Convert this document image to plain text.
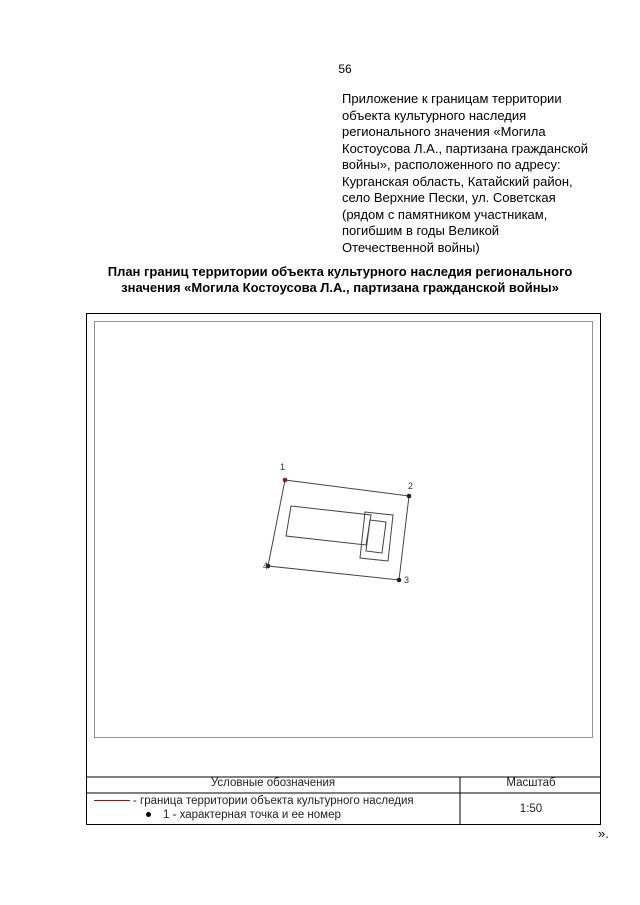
56
Приложение к границам территории
объекта культурного наследия
регионального значения «Могила
Костоусова Л.А., партизана гражданской
войны», расположенного по адресу:
Курганская область, Катайский район,
село Верхние Пески, ул. Советская
(рядом с памятником участникам,
погибшим в годы Великой
Отечественной войны)
План границ территории объекта культурного наследия регионального
значения «Могила Костоусова Л.А., партизана гражданской войны»
1
2
3
4
Условные обозначения	Масштаб
- граница территории объекта культурного наследия
1 - характерная точка и ее номер	1:50
».
